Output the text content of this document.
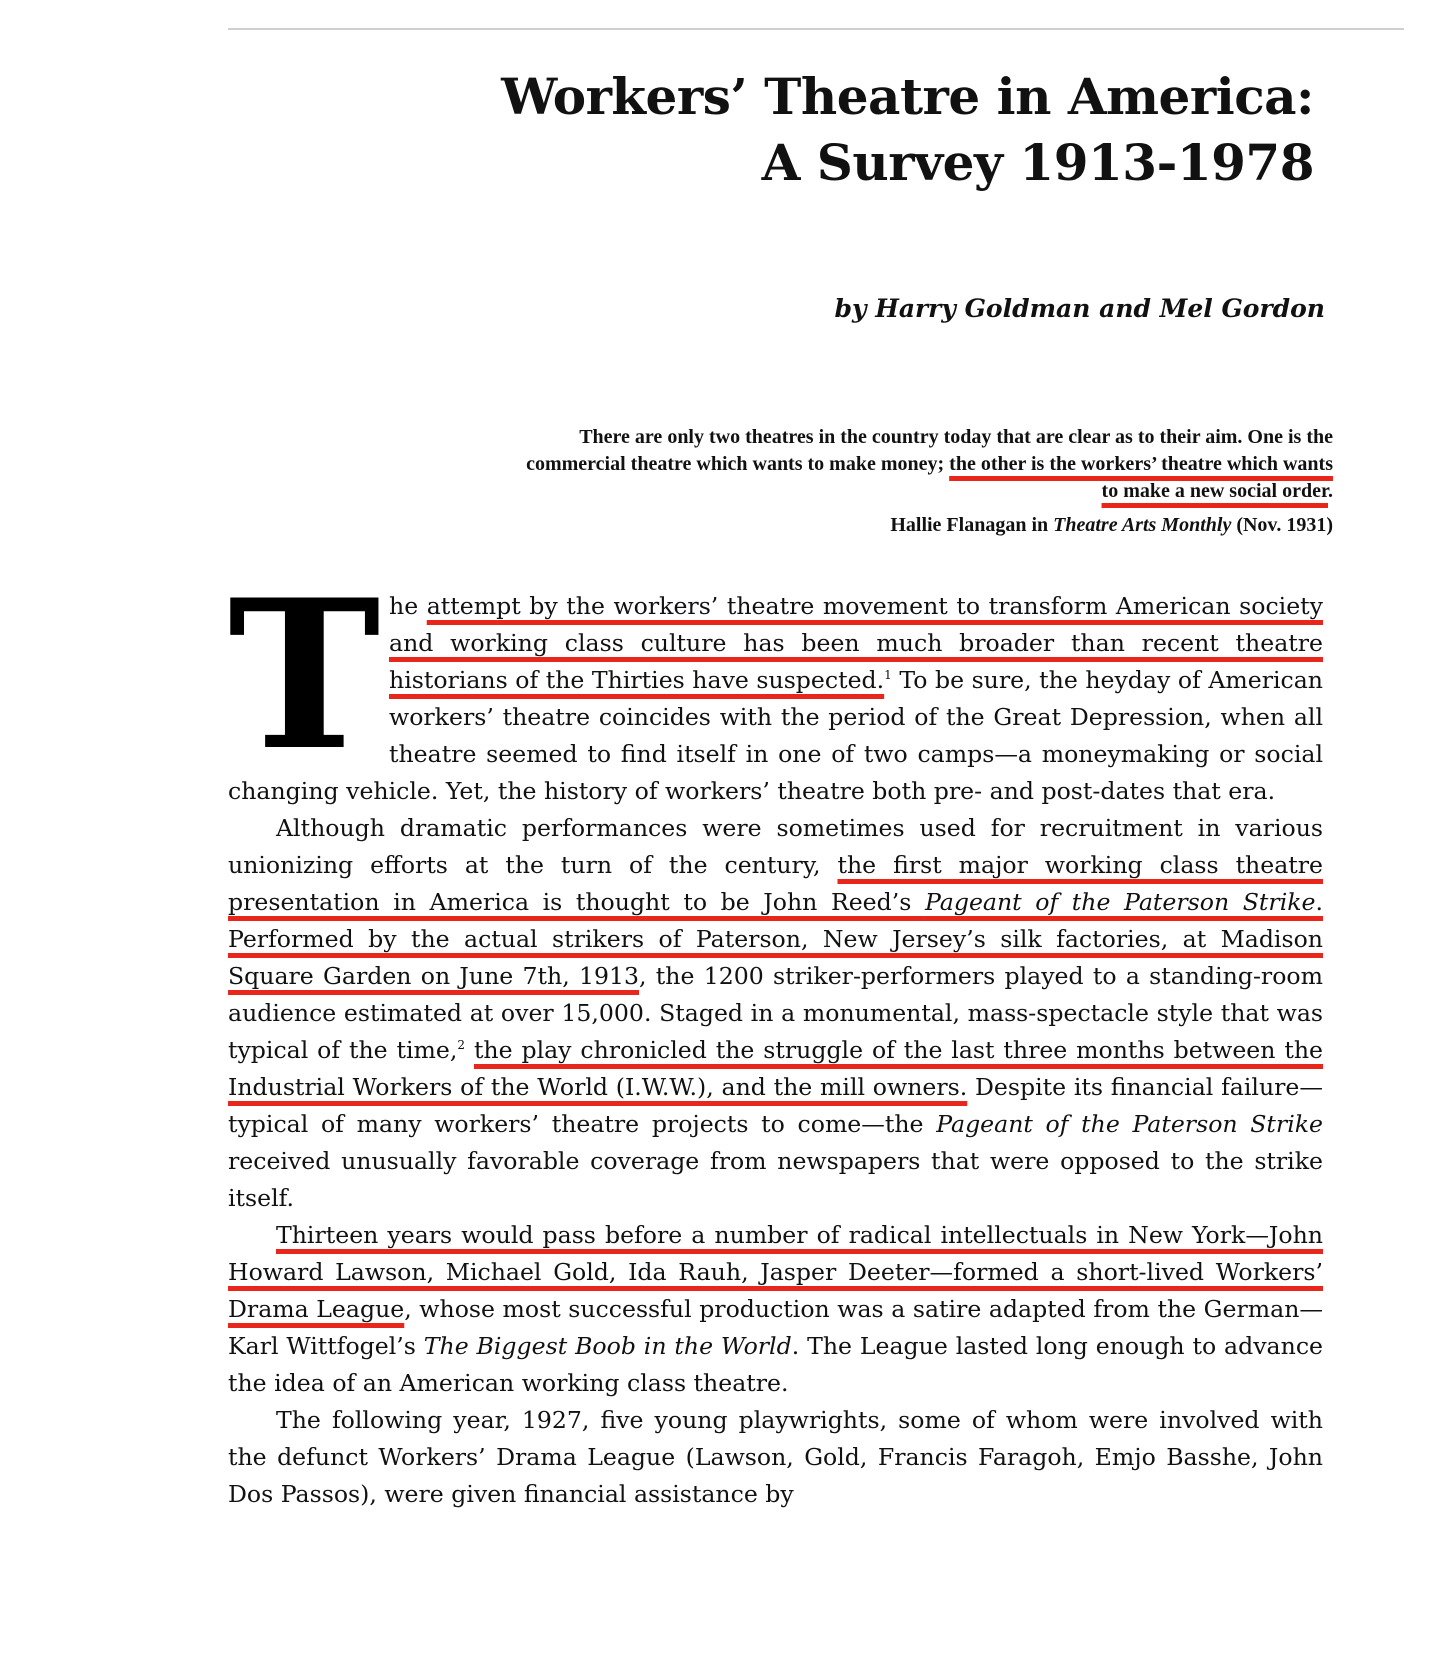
Workers’ Theatre in America:
A Survey 1913-1978

by Harry Goldman and Mel Gordon

There are only two theatres in the country today that are clear as to their aim. One is the commercial theatre which wants to make money; the other is the workers’ theatre which wants to make a new social order.

Hallie Flanagan in Theatre Arts Monthly (Nov. 1931)

The attempt by the workers’ theatre movement to transform American society and working class culture has been much broader than recent theatre historians of the Thirties have suspected.$^1$ To be sure, the heyday of American workers’ theatre coincides with the period of the Great Depression, when all theatre seemed to find itself in one of two camps—a moneymaking or social changing vehicle. Yet, the history of workers’ theatre both pre- and post-dates that era.

Although dramatic performances were sometimes used for recruitment in various unionizing efforts at the turn of the century, the first major working class theatre presentation in America is thought to be John Reed’s Pageant of the Paterson Strike. Performed by the actual strikers of Paterson, New Jersey’s silk factories, at Madison Square Garden on June 7th, 1913, the 1200 striker-performers played to a standing-room audience estimated at over 15,000. Staged in a monumental, mass-spectacle style that was typical of the time,$^2$ the play chronicled the struggle of the last three months between the Industrial Workers of the World (I.W.W.), and the mill owners. Despite its financial failure—typical of many workers’ theatre projects to come—the Pageant of the Paterson Strike received unusually favorable coverage from newspapers that were opposed to the strike itself.

Thirteen years would pass before a number of radical intellectuals in New York—John Howard Lawson, Michael Gold, Ida Rauh, Jasper Deeter—formed a short-lived Workers’ Drama League, whose most successful production was a satire adapted from the German—Karl Wittfogel’s The Biggest Boob in the World. The League lasted long enough to advance the idea of an American working class theatre.

The following year, 1927, five young playwrights, some of whom were involved with the defunct Workers’ Drama League (Lawson, Gold, Francis Faragoh, Emjo Basshe, John Dos Passos), were given financial assistance by
